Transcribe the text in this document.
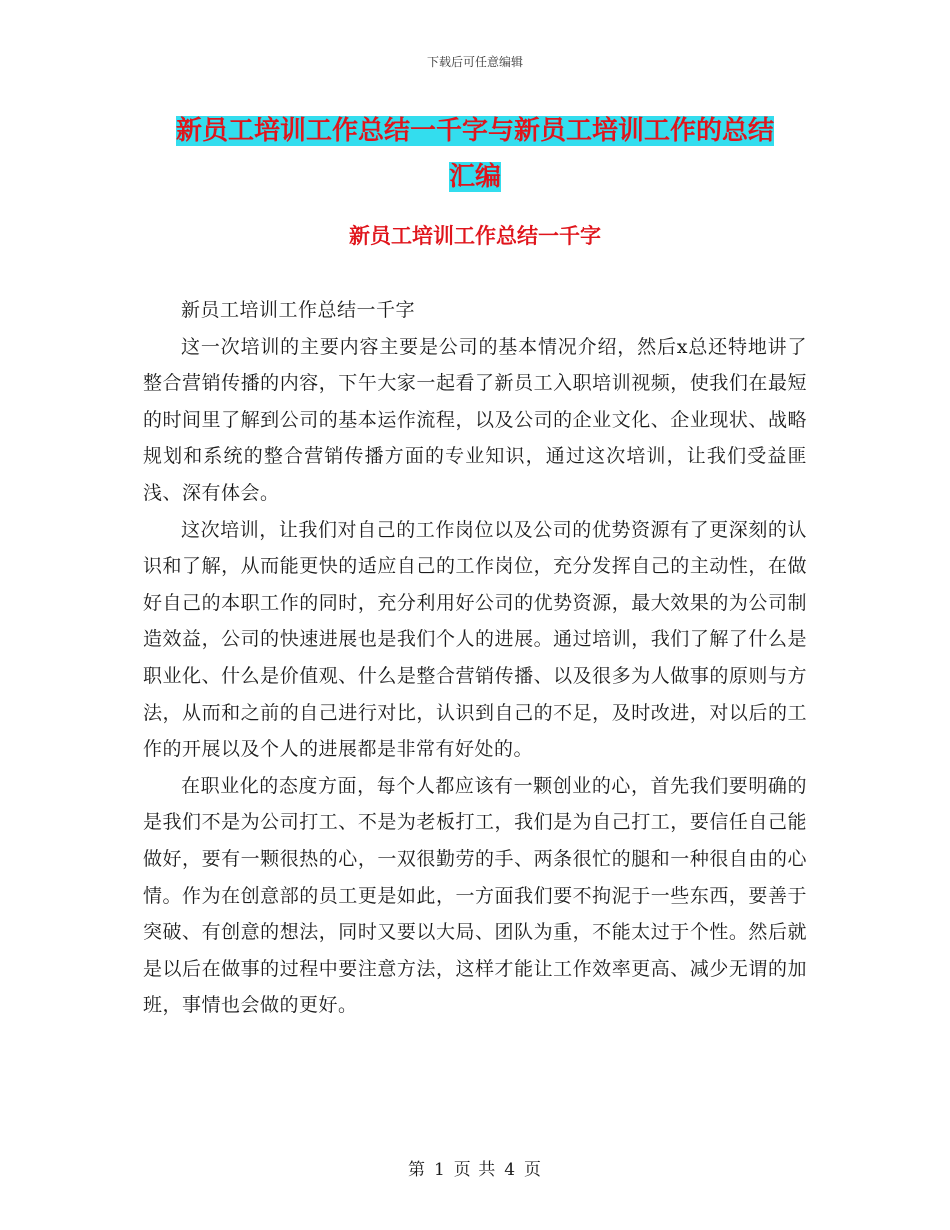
下载后可任意编辑
新员工培训工作总结一千字与新员工培训工作的总结
汇编
新员工培训工作总结一千字

新员工培训工作总结一千字

这一次培训的主要内容主要是公司的基本情况介绍，然后x总还特地讲了整合营销传播的内容，下午大家一起看了新员工入职培训视频，使我们在最短的时间里了解到公司的基本运作流程，以及公司的企业文化、企业现状、战略规划和系统的整合营销传播方面的专业知识，通过这次培训，让我们受益匪浅、深有体会。

这次培训，让我们对自己的工作岗位以及公司的优势资源有了更深刻的认识和了解，从而能更快的适应自己的工作岗位，充分发挥自己的主动性，在做好自己的本职工作的同时，充分利用好公司的优势资源，最大效果的为公司制造效益，公司的快速进展也是我们个人的进展。通过培训，我们了解了什么是职业化、什么是价值观、什么是整合营销传播、以及很多为人做事的原则与方法，从而和之前的自己进行对比，认识到自己的不足，及时改进，对以后的工作的开展以及个人的进展都是非常有好处的。

在职业化的态度方面，每个人都应该有一颗创业的心，首先我们要明确的是我们不是为公司打工、不是为老板打工，我们是为自己打工，要信任自己能做好，要有一颗很热的心，一双很勤劳的手、两条很忙的腿和一种很自由的心情。作为在创意部的员工更是如此，一方面我们要不拘泥于一些东西，要善于突破、有创意的想法，同时又要以大局、团队为重，不能太过于个性。然后就是以后在做事的过程中要注意方法，这样才能让工作效率更高、减少无谓的加班，事情也会做的更好。

第 1 页 共 4 页
